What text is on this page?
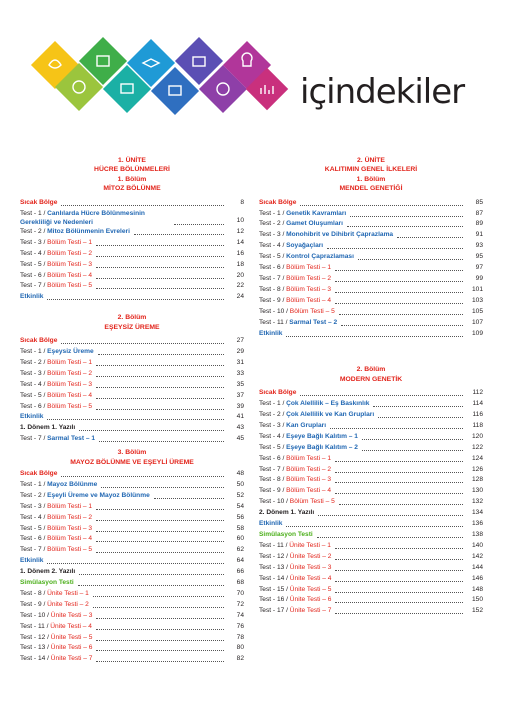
içindekiler
1. ÜNİTE
HÜCRE BÖLÜNMELERİ
1. Bölüm
MİTOZ BÖLÜNME
Sıcak Bölge	8
Test - 1 / Canlılarda Hücre Bölünmesinin Gerekliliği ve Nedenleri	10
Test - 2 / Mitoz Bölünmenin Evreleri	12
Test - 3 / Bölüm Testi – 1	14
Test - 4 / Bölüm Testi – 2	16
Test - 5 / Bölüm Testi – 3	18
Test - 6 / Bölüm Testi – 4	20
Test - 7 / Bölüm Testi – 5	22
Etkinlik	24
2. Bölüm
EŞEYSİZ ÜREME
Sıcak Bölge	27
Test - 1 / Eşeysiz Üreme	29
Test - 2 / Bölüm Testi – 1	31
Test - 3 / Bölüm Testi – 2	33
Test - 4 / Bölüm Testi – 3	35
Test - 5 / Bölüm Testi – 4	37
Test - 6 / Bölüm Testi – 5	39
Etkinlik	41
1. Dönem 1. Yazılı	43
Test - 7 / Sarmal Test – 1	45
3. Bölüm
MAYOZ BÖLÜNME VE EŞEYLİ ÜREME
Sıcak Bölge	48
Test - 1 / Mayoz Bölünme	50
Test - 2 / Eşeyli Üreme ve Mayoz Bölünme	52
Test - 3 / Bölüm Testi – 1	54
Test - 4 / Bölüm Testi – 2	56
Test - 5 / Bölüm Testi – 3	58
Test - 6 / Bölüm Testi – 4	60
Test - 7 / Bölüm Testi – 5	62
Etkinlik	64
1. Dönem 2. Yazılı	66
Simülasyon Testi	68
Test - 8 / Ünite Testi – 1	70
Test - 9 / Ünite Testi – 2	72
Test - 10 / Ünite Testi – 3	74
Test - 11 / Ünite Testi – 4	76
Test - 12 / Ünite Testi – 5	78
Test - 13 / Ünite Testi – 6	80
Test - 14 / Ünite Testi – 7	82
2. ÜNİTE
KALITIMIN GENEL İLKELERİ
1. Bölüm
MENDEL GENETİĞİ
Sıcak Bölge	85
Test - 1 / Genetik Kavramları	87
Test - 2 / Gamet Oluşumları	89
Test - 3 / Monohibrit ve Dihibrit Çaprazlama	91
Test - 4 / Soyağaçları	93
Test - 5 / Kontrol Çaprazlaması	95
Test - 6 / Bölüm Testi – 1	97
Test - 7 / Bölüm Testi – 2	99
Test - 8 / Bölüm Testi – 3	101
Test - 9 / Bölüm Testi – 4	103
Test - 10 / Bölüm Testi – 5	105
Test - 11 / Sarmal Test – 2	107
Etkinlik	109
2. Bölüm
MODERN GENETİK
Sıcak Bölge	112
Test - 1 / Çok Alellilik – Eş Baskınlık	114
Test - 2 / Çok Alellilik ve Kan Grupları	116
Test - 3 / Kan Grupları	118
Test - 4 / Eşeye Bağlı Kalıtım – 1	120
Test - 5 / Eşeye Bağlı Kalıtım – 2	122
Test - 6 / Bölüm Testi – 1	124
Test - 7 / Bölüm Testi – 2	126
Test - 8 / Bölüm Testi – 3	128
Test - 9 / Bölüm Testi – 4	130
Test - 10 / Bölüm Testi – 5	132
2. Dönem 1. Yazılı	134
Etkinlik	136
Simülasyon Testi	138
Test - 11 / Ünite Testi – 1	140
Test - 12 / Ünite Testi – 2	142
Test - 13 / Ünite Testi – 3	144
Test - 14 / Ünite Testi – 4	146
Test - 15 / Ünite Testi – 5	148
Test - 16 / Ünite Testi – 6	150
Test - 17 / Ünite Testi – 7	152
